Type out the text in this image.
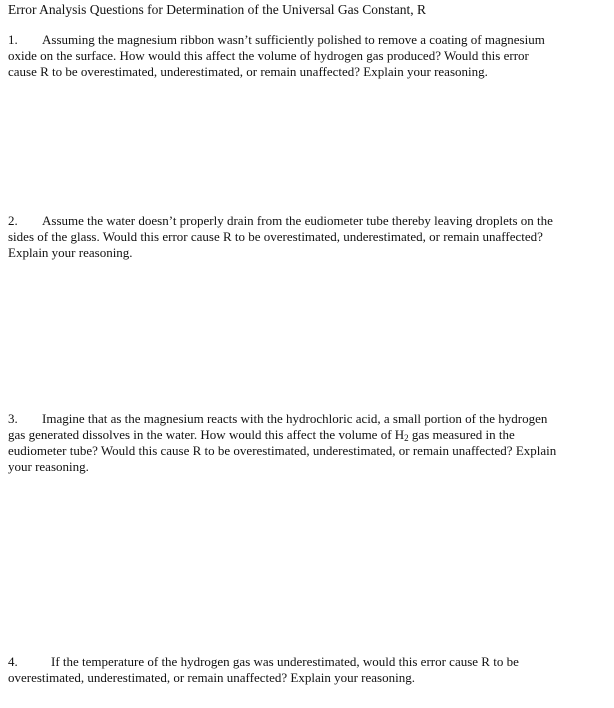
Error Analysis Questions for Determination of the Universal Gas Constant, R
1. Assuming the magnesium ribbon wasn’t sufficiently polished to remove a coating of magnesium
oxide on the surface. How would this affect the volume of hydrogen gas produced? Would this error
cause R to be overestimated, underestimated, or remain unaffected? Explain your reasoning.
2. Assume the water doesn’t properly drain from the eudiometer tube thereby leaving droplets on the
sides of the glass. Would this error cause R to be overestimated, underestimated, or remain unaffected?
Explain your reasoning.
3. Imagine that as the magnesium reacts with the hydrochloric acid, a small portion of the hydrogen
gas generated dissolves in the water. How would this affect the volume of $H_2$ gas measured in the
eudiometer tube? Would this cause R to be overestimated, underestimated, or remain unaffected? Explain
your reasoning.
4.	If the temperature of the hydrogen gas was underestimated, would this error cause R to be
overestimated, underestimated, or remain unaffected? Explain your reasoning.
